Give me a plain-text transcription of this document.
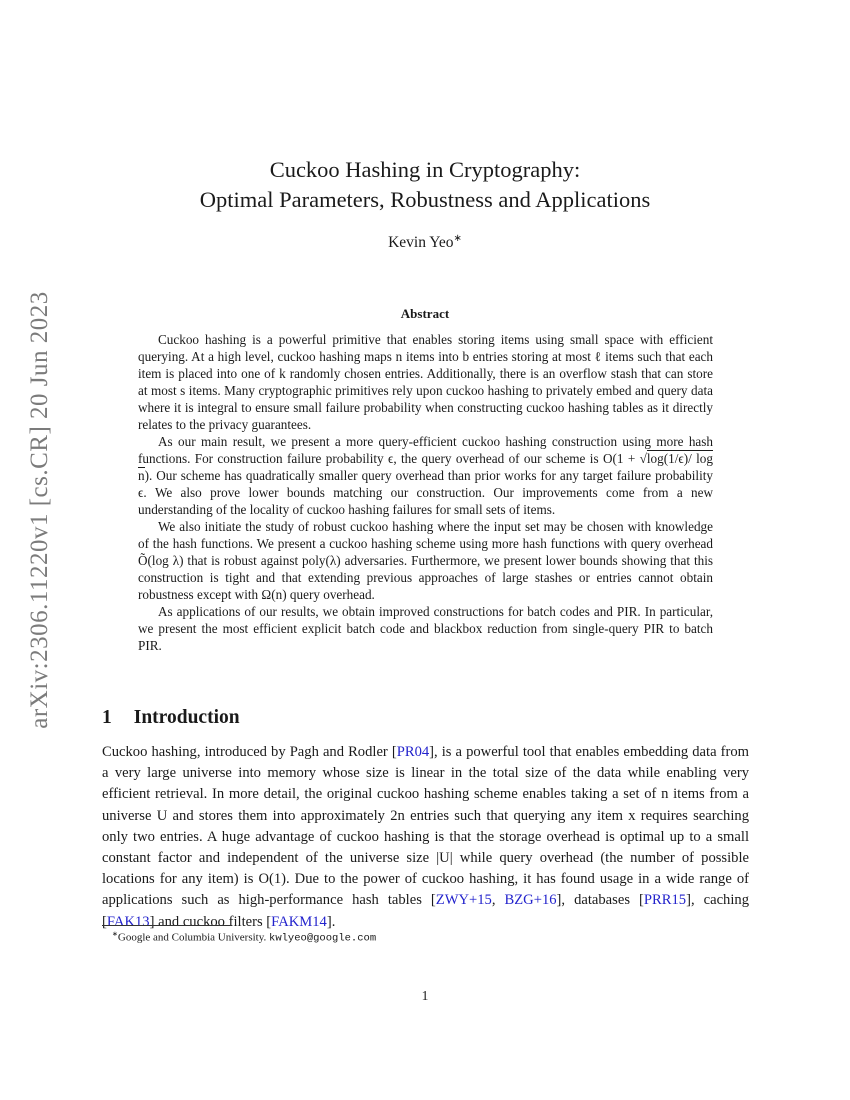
arXiv:2306.11220v1 [cs.CR] 20 Jun 2023
Cuckoo Hashing in Cryptography:
Optimal Parameters, Robustness and Applications
Kevin Yeo∗
Abstract

Cuckoo hashing is a powerful primitive that enables storing items using small space with efficient querying. At a high level, cuckoo hashing maps n items into b entries storing at most ℓ items such that each item is placed into one of k randomly chosen entries. Additionally, there is an overflow stash that can store at most s items. Many cryptographic primitives rely upon cuckoo hashing to privately embed and query data where it is integral to ensure small failure probability when constructing cuckoo hashing tables as it directly relates to the privacy guarantees.

As our main result, we present a more query-efficient cuckoo hashing construction using more hash functions. For construction failure probability ϵ, the query overhead of our scheme is O(1 + √log(1/ϵ)/ log n). Our scheme has quadratically smaller query overhead than prior works for any target failure probability ϵ. We also prove lower bounds matching our construction. Our improvements come from a new understanding of the locality of cuckoo hashing failures for small sets of items.

We also initiate the study of robust cuckoo hashing where the input set may be chosen with knowledge of the hash functions. We present a cuckoo hashing scheme using more hash functions with query overhead Õ(log λ) that is robust against poly(λ) adversaries. Furthermore, we present lower bounds showing that this construction is tight and that extending previous approaches of large stashes or entries cannot obtain robustness except with Ω(n) query overhead.

As applications of our results, we obtain improved constructions for batch codes and PIR. In particular, we present the most efficient explicit batch code and blackbox reduction from single-query PIR to batch PIR.

1 Introduction

Cuckoo hashing, introduced by Pagh and Rodler [PR04], is a powerful tool that enables embedding data from a very large universe into memory whose size is linear in the total size of the data while enabling very efficient retrieval. In more detail, the original cuckoo hashing scheme enables taking a set of n items from a universe U and stores them into approximately 2n entries such that querying any item x requires searching only two entries. A huge advantage of cuckoo hashing is that the storage overhead is optimal up to a small constant factor and independent of the universe size |U| while query overhead (the number of possible locations for any item) is O(1). Due to the power of cuckoo hashing, it has found usage in a wide range of applications such as high-performance hash tables [ZWY+15, BZG+16], databases [PRR15], caching [FAK13] and cuckoo filters [FAKM14].

∗Google and Columbia University. kwlyeo@google.com
1
